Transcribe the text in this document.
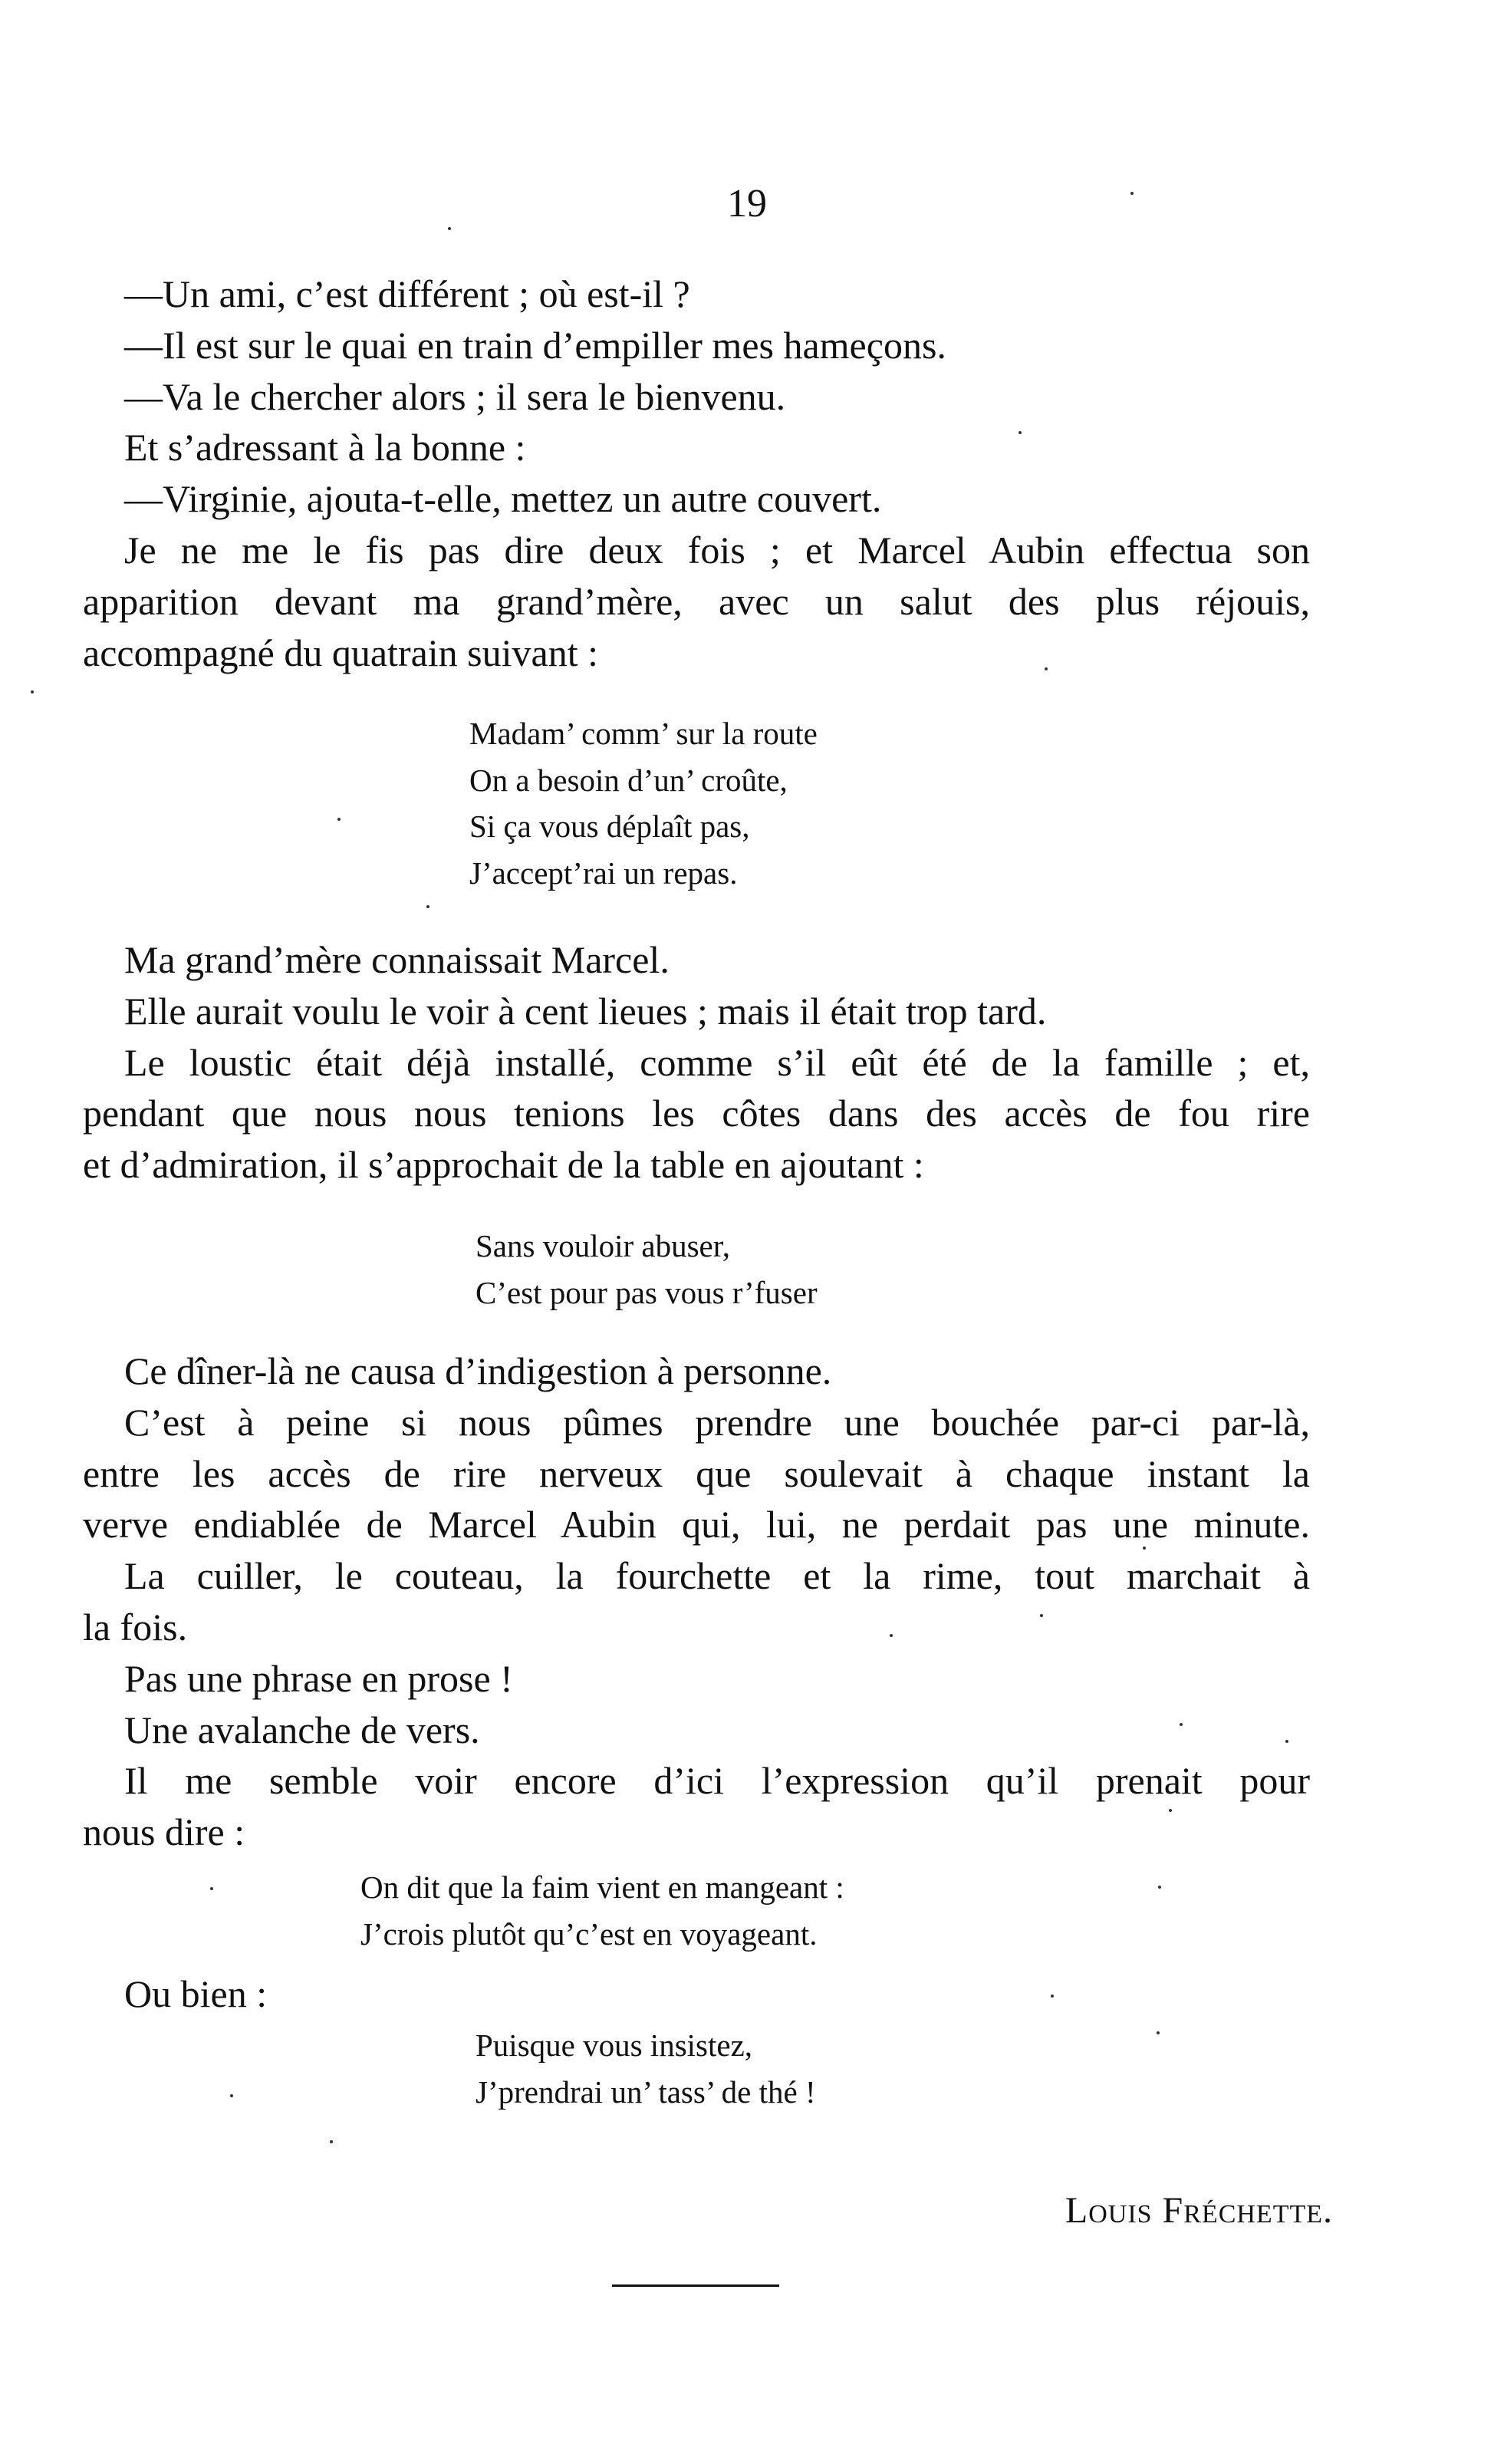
19
—Un ami, c’est différent ; où est-il ?
—Il est sur le quai en train d’empiller mes hameçons.
—Va le chercher alors ; il sera le bienvenu.
Et s’adressant à la bonne :
—Virginie, ajouta-t-elle, mettez un autre couvert.
Je ne me le fis pas dire deux fois ; et Marcel Aubin effectua son
apparition devant ma grand’mère, avec un salut des plus réjouis,
accompagné du quatrain suivant :
Madam’ comm’ sur la route
On a besoin d’un’ croûte,
Si ça vous déplaît pas,
J’accept’rai un repas.
Ma grand’mère connaissait Marcel.
Elle aurait voulu le voir à cent lieues ; mais il était trop tard.
Le loustic était déjà installé, comme s’il eût été de la famille ; et,
pendant que nous nous tenions les côtes dans des accès de fou rire
et d’admiration, il s’approchait de la table en ajoutant :
Sans vouloir abuser,
C’est pour pas vous r’fuser
Ce dîner-là ne causa d’indigestion à personne.
C’est à peine si nous pûmes prendre une bouchée par-ci par-là,
entre les accès de rire nerveux que soulevait à chaque instant la
verve endiablée de Marcel Aubin qui, lui, ne perdait pas une minute.
La cuiller, le couteau, la fourchette et la rime, tout marchait à
la fois.
Pas une phrase en prose !
Une avalanche de vers.
Il me semble voir encore d’ici l’expression qu’il prenait pour
nous dire :
On dit que la faim vient en mangeant :
J’crois plutôt qu’c’est en voyageant.
Ou bien :
Puisque vous insistez,
J’prendrai un’ tass’ de thé !
Louis Fréchette.
